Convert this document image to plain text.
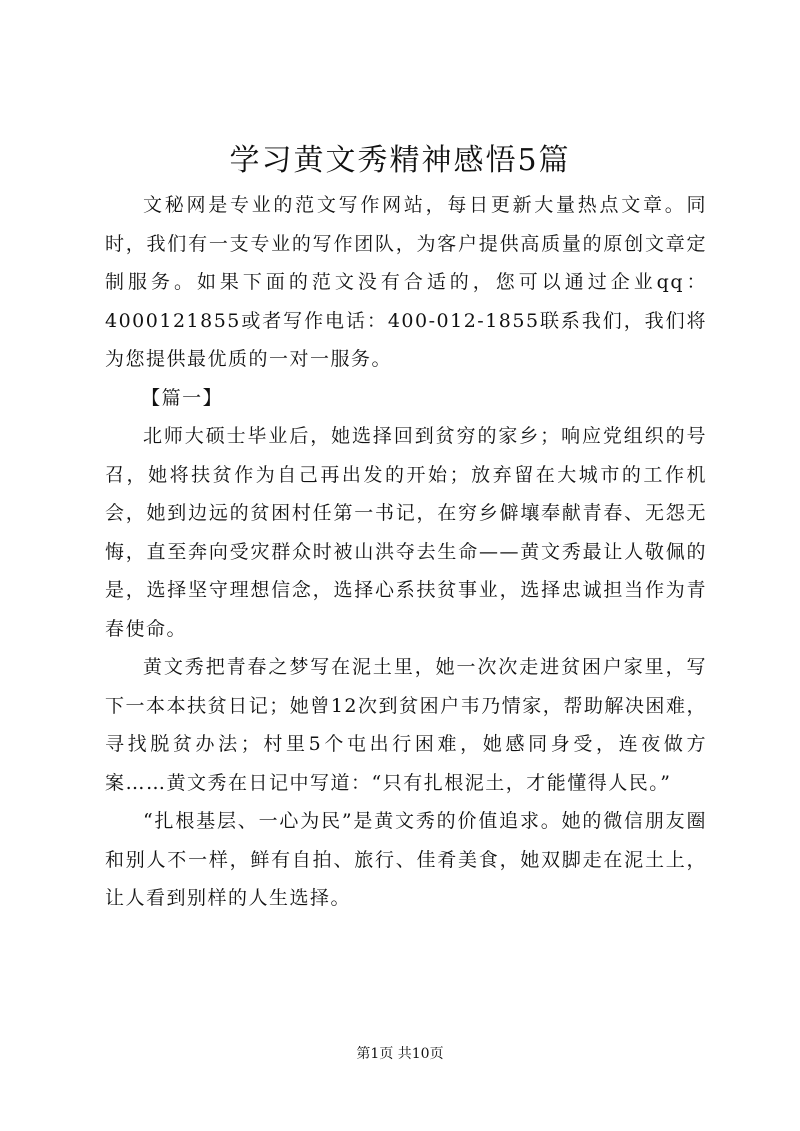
学习黄文秀精神感悟5篇

文秘网是专业的范文写作网站，每日更新大量热点文章。同时，我们有一支专业的写作团队，为客户提供高质量的原创文章定制服务。如果下面的范文没有合适的，您可以通过企业qq：4000121855或者写作电话：400-012-1855联系我们，我们将为您提供最优质的一对一服务。

【篇一】

北师大硕士毕业后，她选择回到贫穷的家乡；响应党组织的号召，她将扶贫作为自己再出发的开始；放弃留在大城市的工作机会，她到边远的贫困村任第一书记，在穷乡僻壤奉献青春、无怨无悔，直至奔向受灾群众时被山洪夺去生命——黄文秀最让人敬佩的是，选择坚守理想信念，选择心系扶贫事业，选择忠诚担当作为青春使命。

黄文秀把青春之梦写在泥土里，她一次次走进贫困户家里，写下一本本扶贫日记；她曾12次到贫困户韦乃情家，帮助解决困难，寻找脱贫办法；村里5个屯出行困难，她感同身受，连夜做方案……黄文秀在日记中写道：“只有扎根泥土，才能懂得人民。”

“扎根基层、一心为民”是黄文秀的价值追求。她的微信朋友圈和别人不一样，鲜有自拍、旅行、佳肴美食，她双脚走在泥土上，让人看到别样的人生选择。

第1页 共10页
